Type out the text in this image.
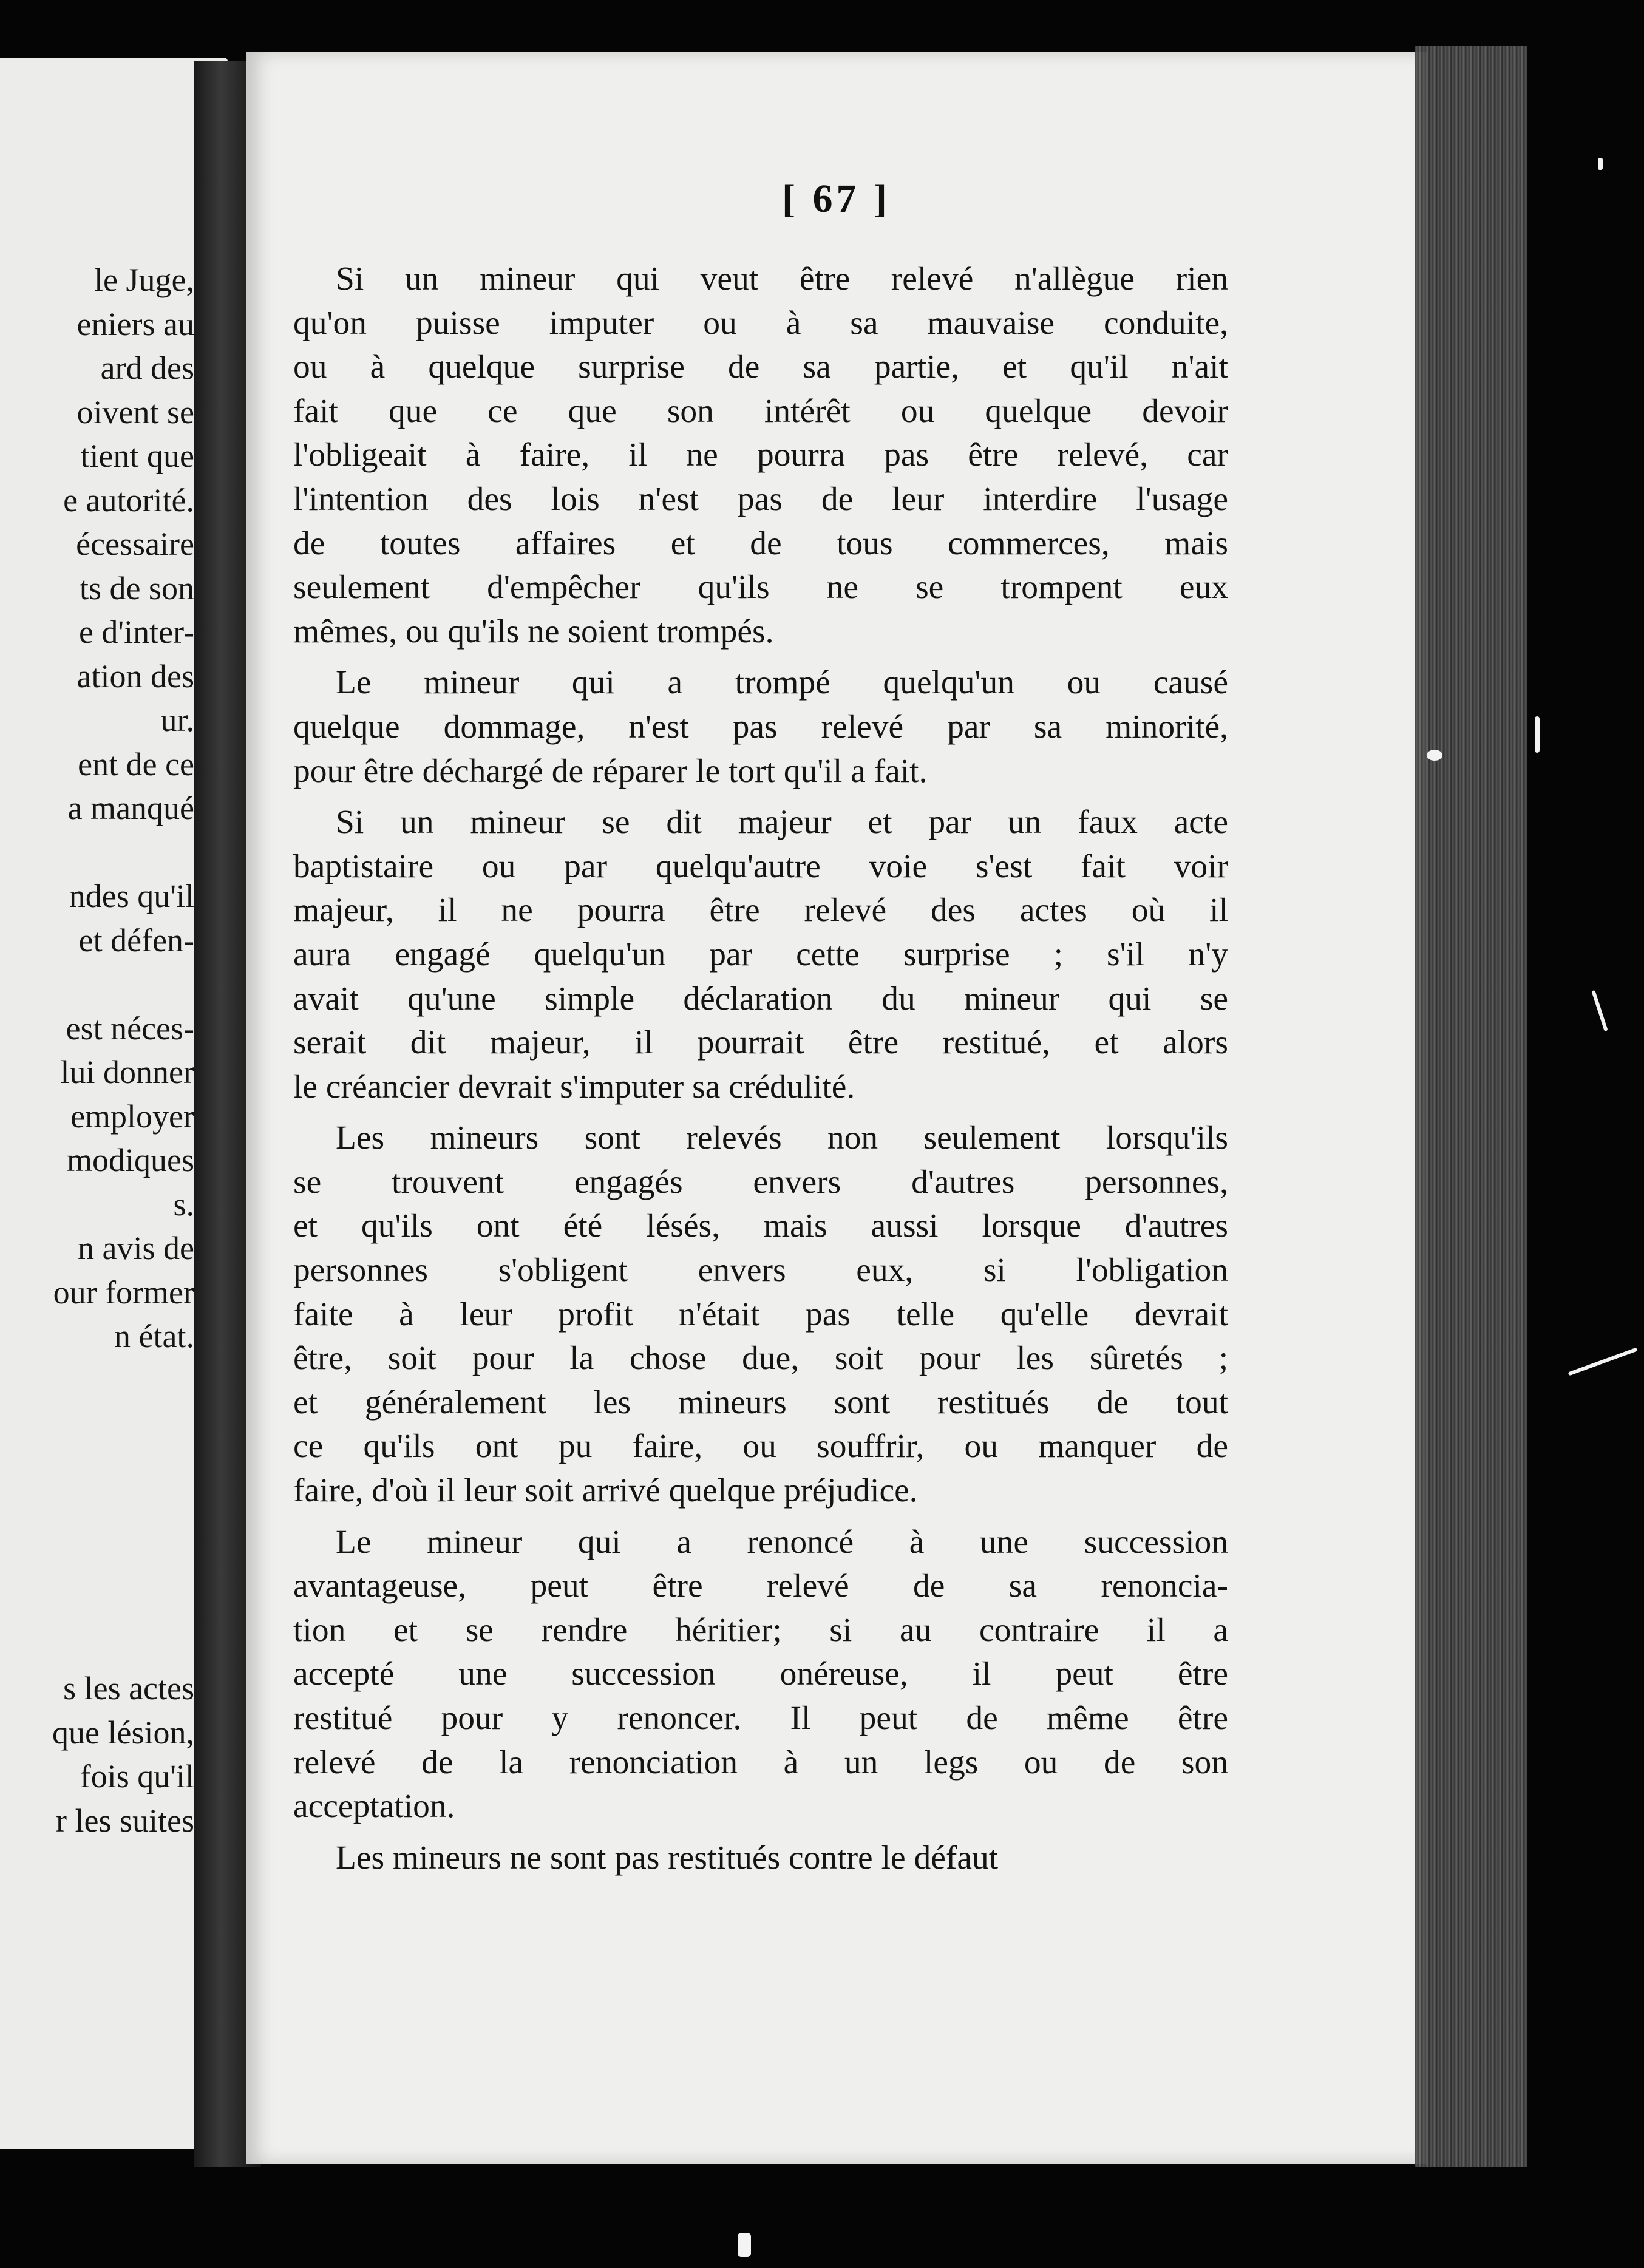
le Juge,
eniers au
ard des
oivent se
tient que
e autorité.
écessaire
ts de son
e d'inter-
ation des
ur.
ent de ce
a manqué
ndes qu'il
et défen-
est néces-
lui donner
employer
modiques
s.
n avis de
our former
n état.
s les actes
que lésion,
fois qu'il
r les suites
[ 67 ]
Si un mineur qui veut être relevé n'allègue rien
qu'on puisse imputer ou à sa mauvaise conduite,
ou à quelque surprise de sa partie, et qu'il n'ait
fait que ce que son intérêt ou quelque devoir
l'obligeait à faire, il ne pourra pas être relevé, car
l'intention des lois n'est pas de leur interdire l'usage
de toutes affaires et de tous commerces, mais
seulement d'empêcher qu'ils ne se trompent eux
mêmes, ou qu'ils ne soient trompés.
Le mineur qui a trompé quelqu'un ou causé
quelque dommage, n'est pas relevé par sa minorité,
pour être déchargé de réparer le tort qu'il a fait.
Si un mineur se dit majeur et par un faux acte
baptistaire ou par quelqu'autre voie s'est fait voir
majeur, il ne pourra être relevé des actes où il
aura engagé quelqu'un par cette surprise ; s'il n'y
avait qu'une simple déclaration du mineur qui se
serait dit majeur, il pourrait être restitué, et alors
le créancier devrait s'imputer sa crédulité.
Les mineurs sont relevés non seulement lorsqu'ils
se trouvent engagés envers d'autres personnes,
et qu'ils ont été lésés, mais aussi lorsque d'autres
personnes s'obligent envers eux, si l'obligation
faite à leur profit n'était pas telle qu'elle devrait
être, soit pour la chose due, soit pour les sûretés ;
et généralement les mineurs sont restitués de tout
ce qu'ils ont pu faire, ou souffrir, ou manquer de
faire, d'où il leur soit arrivé quelque préjudice.
Le mineur qui a renoncé à une succession
avantageuse, peut être relevé de sa renoncia-
tion et se rendre héritier; si au contraire il a
accepté une succession onéreuse, il peut être
restitué pour y renoncer. Il peut de même être
relevé de la renonciation à un legs ou de son
acceptation.
Les mineurs ne sont pas restitués contre le défaut
